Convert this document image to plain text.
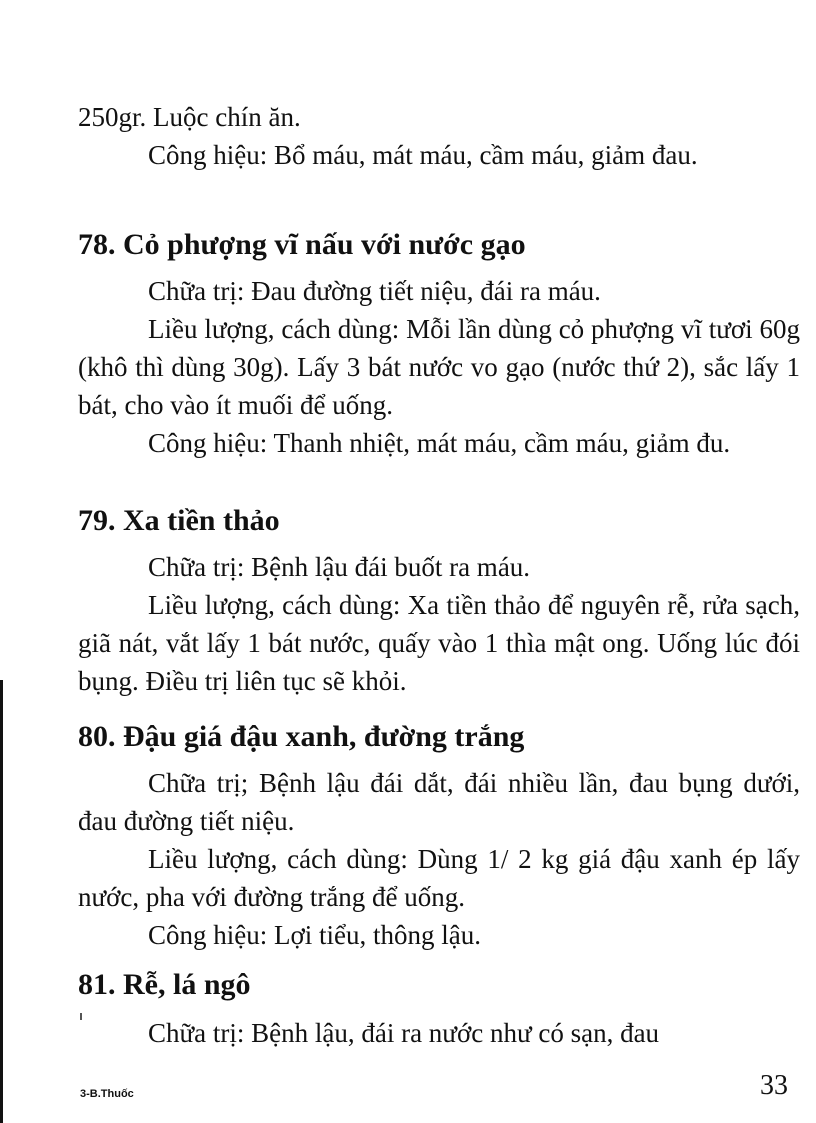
250gr. Luộc chín ăn.

Công hiệu: Bổ máu, mát máu, cầm máu, giảm đau.

78. Cỏ phượng vĩ nấu với nước gạo

Chữa trị: Đau đường tiết niệu, đái ra máu.

Liều lượng, cách dùng: Mỗi lần dùng cỏ phượng vĩ tươi 60g (khô thì dùng 30g). Lấy 3 bát nước vo gạo (nước thứ 2), sắc lấy 1 bát, cho vào ít muối để uống.

Công hiệu: Thanh nhiệt, mát máu, cầm máu, giảm đu.

79. Xa tiền thảo

Chữa trị: Bệnh lậu đái buốt ra máu.

Liều lượng, cách dùng: Xa tiền thảo để nguyên rễ, rửa sạch, giã nát, vắt lấy 1 bát nước, quấy vào 1 thìa mật ong. Uống lúc đói bụng. Điều trị liên tục sẽ khỏi.

80. Đậu giá đậu xanh, đường trắng

Chữa trị; Bệnh lậu đái dắt, đái nhiều lần, đau bụng dưới, đau đường tiết niệu.

Liều lượng, cách dùng: Dùng 1/ 2 kg giá đậu xanh ép lấy nước, pha với đường trắng để uống.

Công hiệu: Lợi tiểu, thông lậu.

81. Rễ, lá ngô

Chữa trị: Bệnh lậu, đái ra nước như có sạn, đau

3-B.Thuốc	33
